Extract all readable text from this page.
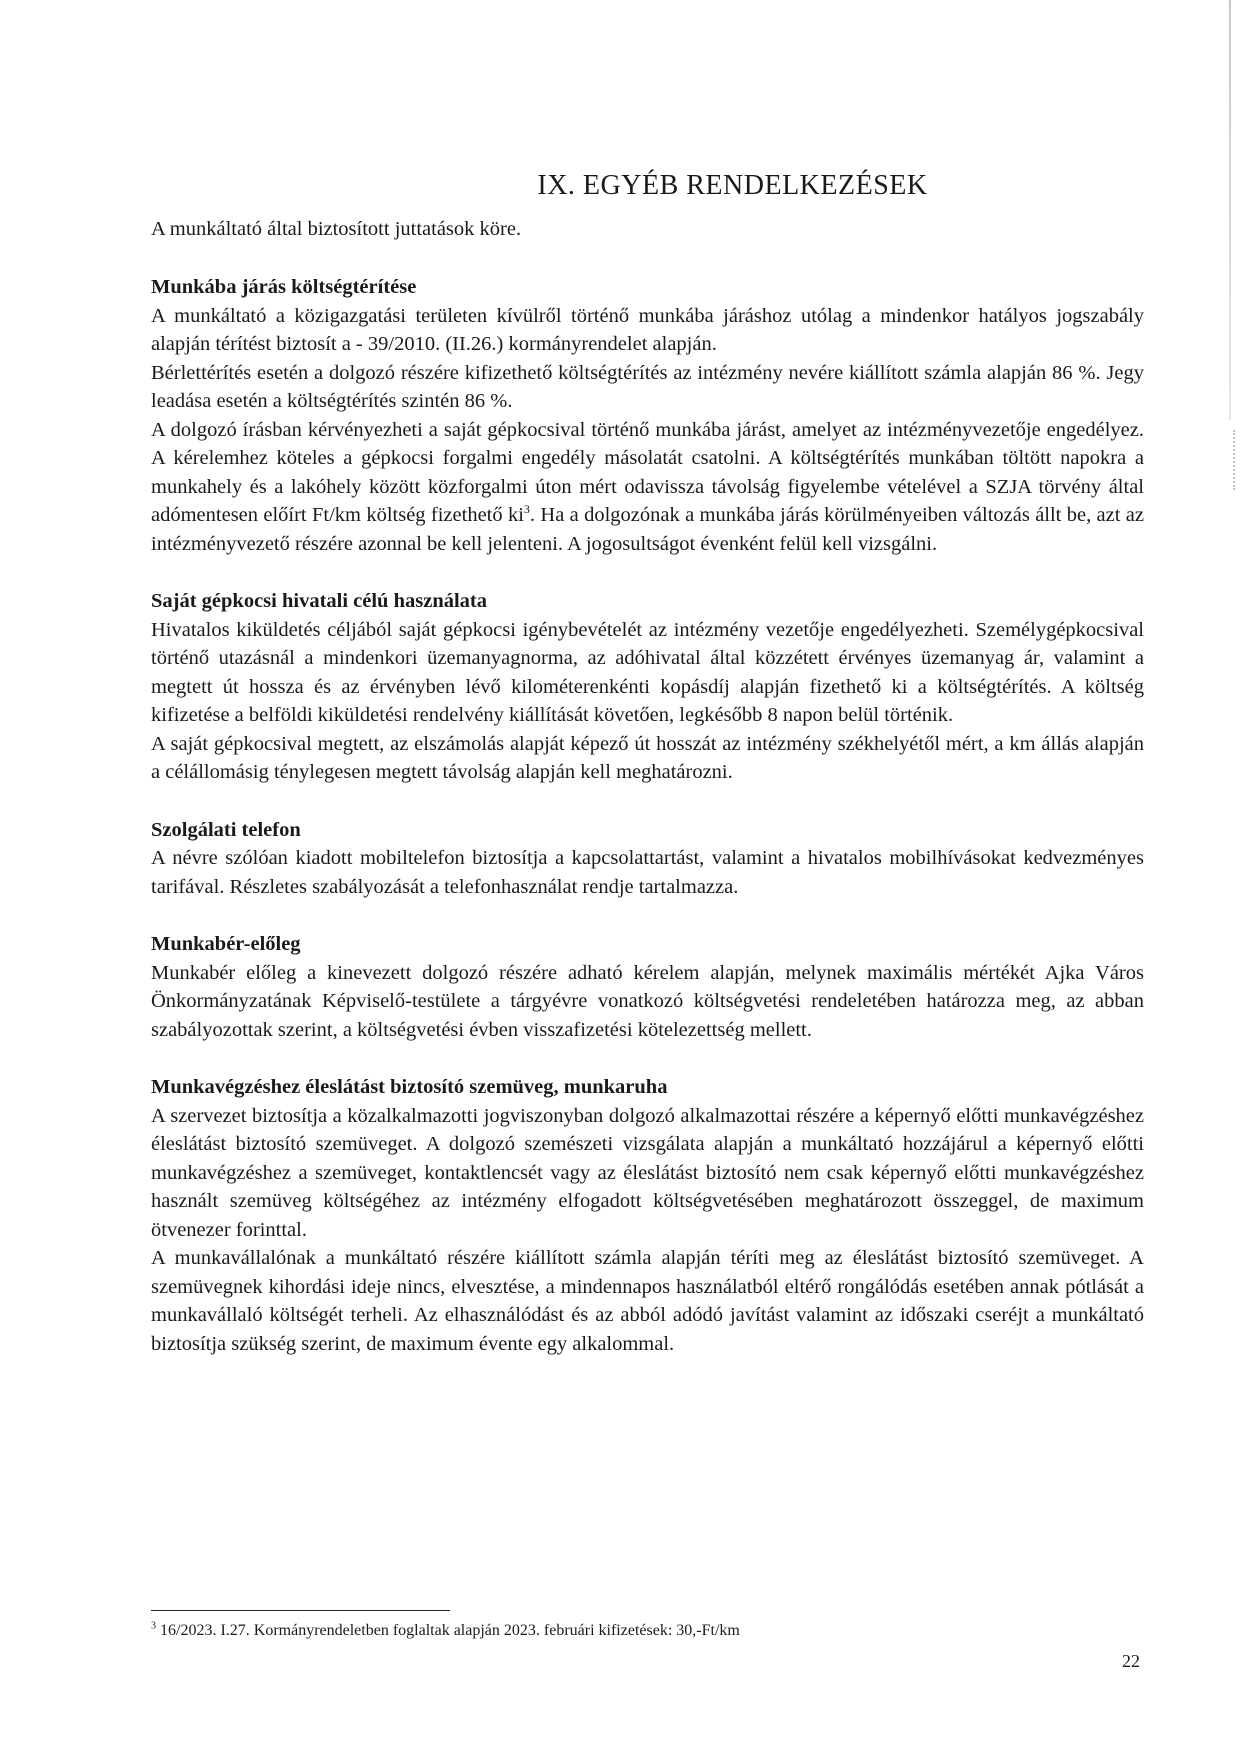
IX. EGYÉB RENDELKEZÉSEK

A munkáltató által biztosított juttatások köre.

Munkába járás költségtérítése

A munkáltató a közigazgatási területen kívülről történő munkába járáshoz utólag a mindenkor hatályos jogszabály alapján térítést biztosít a - 39/2010. (II.26.) kormányrendelet alapján.

Bérlettérítés esetén a dolgozó részére kifizethető költségtérítés az intézmény nevére kiállított számla alapján 86 %. Jegy leadása esetén a költségtérítés szintén 86 %.

A dolgozó írásban kérvényezheti a saját gépkocsival történő munkába járást, amelyet az intézményvezetője engedélyez. A kérelemhez köteles a gépkocsi forgalmi engedély másolatát csatolni. A költségtérítés munkában töltött napokra a munkahely és a lakóhely között közforgalmi úton mért odavissza távolság figyelembe vételével a SZJA törvény által adómentesen előírt Ft/km költség fizethető $ki^3$. Ha a dolgozónak a munkába járás körülményeiben változás állt be, azt az intézményvezető részére azonnal be kell jelenteni. A jogosultságot évenként felül kell vizsgálni.

Saját gépkocsi hivatali célú használata

Hivatalos kiküldetés céljából saját gépkocsi igénybevételét az intézmény vezetője engedélyezheti. Személygépkocsival történő utazásnál a mindenkori üzemanyagnorma, az adóhivatal által közzétett érvényes üzemanyag ár, valamint a megtett út hossza és az érvényben lévő kilométerenkénti kopásdíj alapján fizethető ki a költségtérítés. A költség kifizetése a belföldi kiküldetési rendelvény kiállítását követően, legkésőbb 8 napon belül történik.

A saját gépkocsival megtett, az elszámolás alapját képező út hosszát az intézmény székhelyétől mért, a km állás alapján a célállomásig ténylegesen megtett távolság alapján kell meghatározni.

Szolgálati telefon

A névre szólóan kiadott mobiltelefon biztosítja a kapcsolattartást, valamint a hivatalos mobilhívásokat kedvezményes tarifával. Részletes szabályozását a telefonhasználat rendje tartalmazza.

Munkabér-előleg

Munkabér előleg a kinevezett dolgozó részére adható kérelem alapján, melynek maximális mértékét Ajka Város Önkormányzatának Képviselő-testülete a tárgyévre vonatkozó költségvetési rendeletében határozza meg, az abban szabályozottak szerint, a költségvetési évben visszafizetési kötelezettség mellett.

Munkavégzéshez éleslátást biztosító szemüveg, munkaruha

A szervezet biztosítja a közalkalmazotti jogviszonyban dolgozó alkalmazottai részére a képernyő előtti munkavégzéshez éleslátást biztosító szemüveget. A dolgozó szemészeti vizsgálata alapján a munkáltató hozzájárul a képernyő előtti munkavégzéshez a szemüveget, kontaktlencsét vagy az éleslátást biztosító nem csak képernyő előtti munkavégzéshez használt szemüveg költségéhez az intézmény elfogadott költségvetésében meghatározott összeggel, de maximum ötvenezer forinttal.

A munkavállalónak a munkáltató részére kiállított számla alapján téríti meg az éleslátást biztosító szemüveget. A szemüvegnek kihordási ideje nincs, elvesztése, a mindennapos használatból eltérő rongálódás esetében annak pótlását a munkavállaló költségét terheli. Az elhasználódást és az abból adódó javítást valamint az időszaki cseréjt a munkáltató biztosítja szükség szerint, de maximum évente egy alkalommal.

$^3$ 16/2023. I.27. Kormányrendeletben foglaltak alapján 2023. februári kifizetések: 30,-Ft/km
22
